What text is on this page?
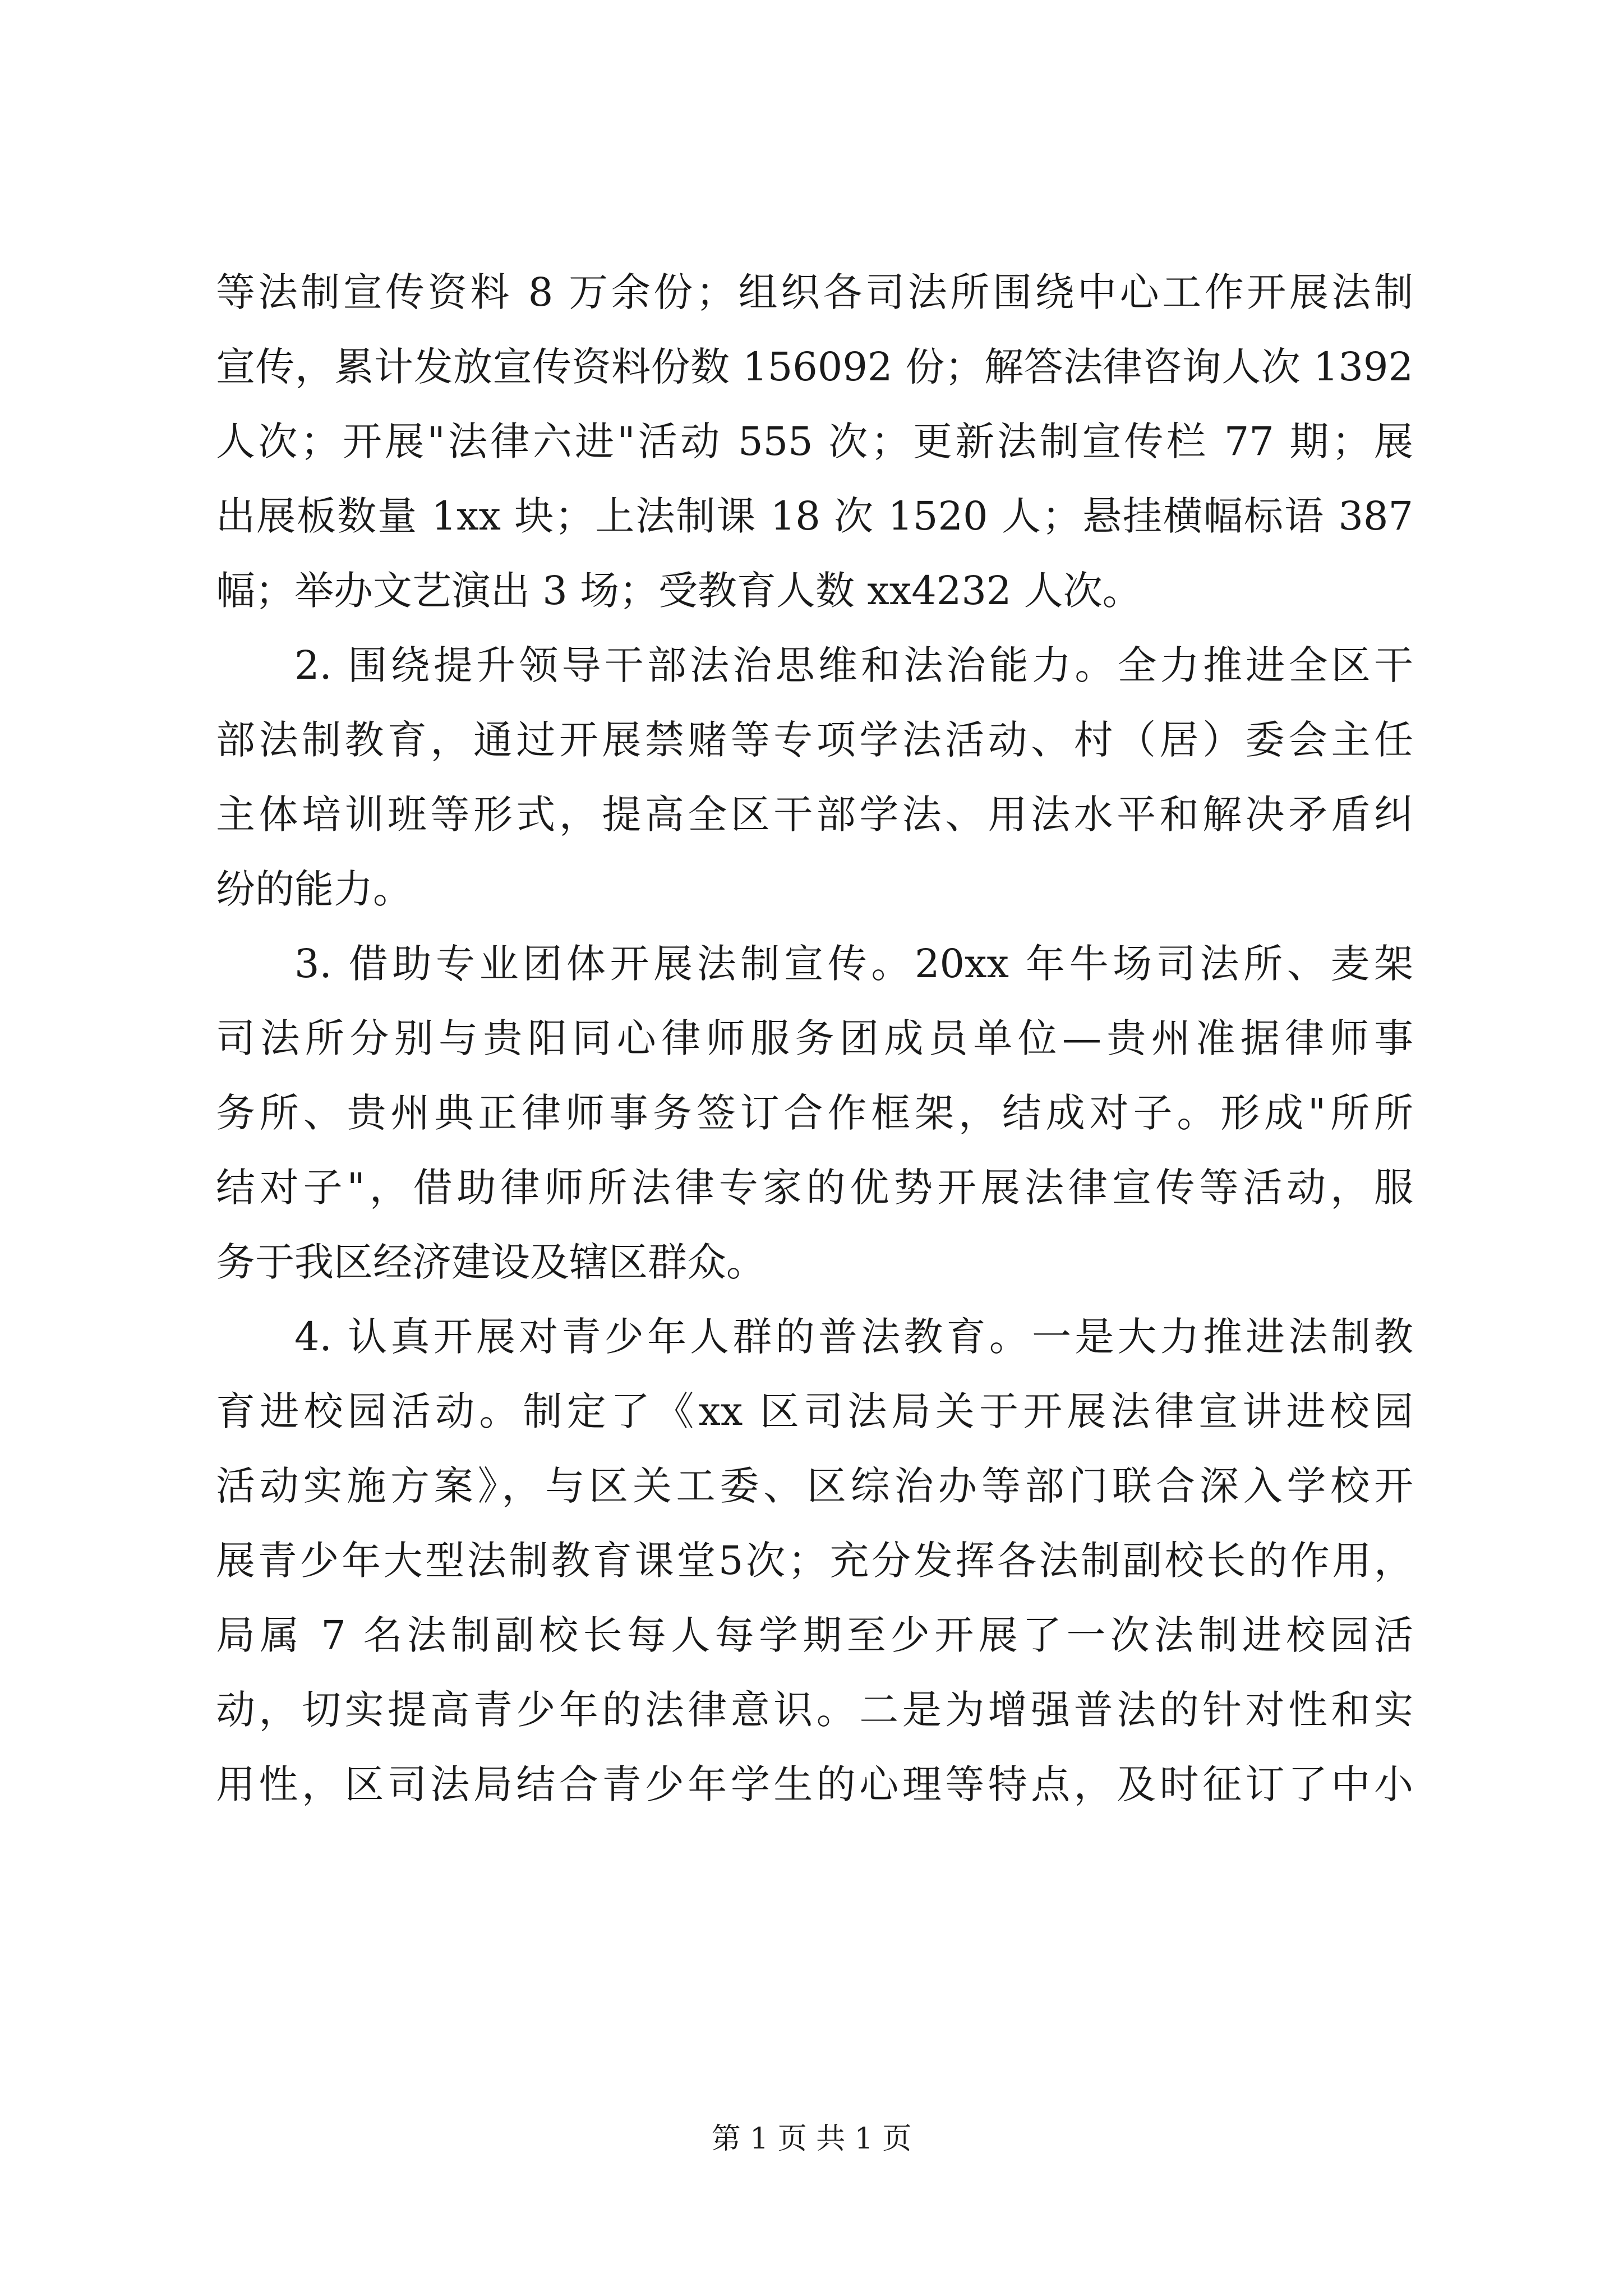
等法制宣传资料 8 万余份；组织各司法所围绕中心工作开展法制
宣传，累计发放宣传资料份数 156092 份；解答法律咨询人次 1392
人次；开展"法律六进"活动 555 次；更新法制宣传栏 77 期；展
出展板数量 1xx 块；上法制课 18 次 1520 人；悬挂横幅标语 387
幅；举办文艺演出 3 场；受教育人数 xx4232 人次。
2. 围绕提升领导干部法治思维和法治能力。全力推进全区干
部法制教育，通过开展禁赌等专项学法活动、村（居）委会主任
主体培训班等形式，提高全区干部学法、用法水平和解决矛盾纠
纷的能力。
3. 借助专业团体开展法制宣传。20xx 年牛场司法所、麦架
司法所分别与贵阳同心律师服务团成员单位—贵州准据律师事
务所、贵州典正律师事务签订合作框架，结成对子。形成"所所
结对子"，借助律师所法律专家的优势开展法律宣传等活动，服
务于我区经济建设及辖区群众。
4. 认真开展对青少年人群的普法教育。一是大力推进法制教
育进校园活动。制定了《xx 区司法局关于开展法律宣讲进校园
活动实施方案》，与区关工委、区综治办等部门联合深入学校开
展青少年大型法制教育课堂5次；充分发挥各法制副校长的作用，
局属 7 名法制副校长每人每学期至少开展了一次法制进校园活
动，切实提高青少年的法律意识。二是为增强普法的针对性和实
用性，区司法局结合青少年学生的心理等特点，及时征订了中小
第 1 页 共 1 页
